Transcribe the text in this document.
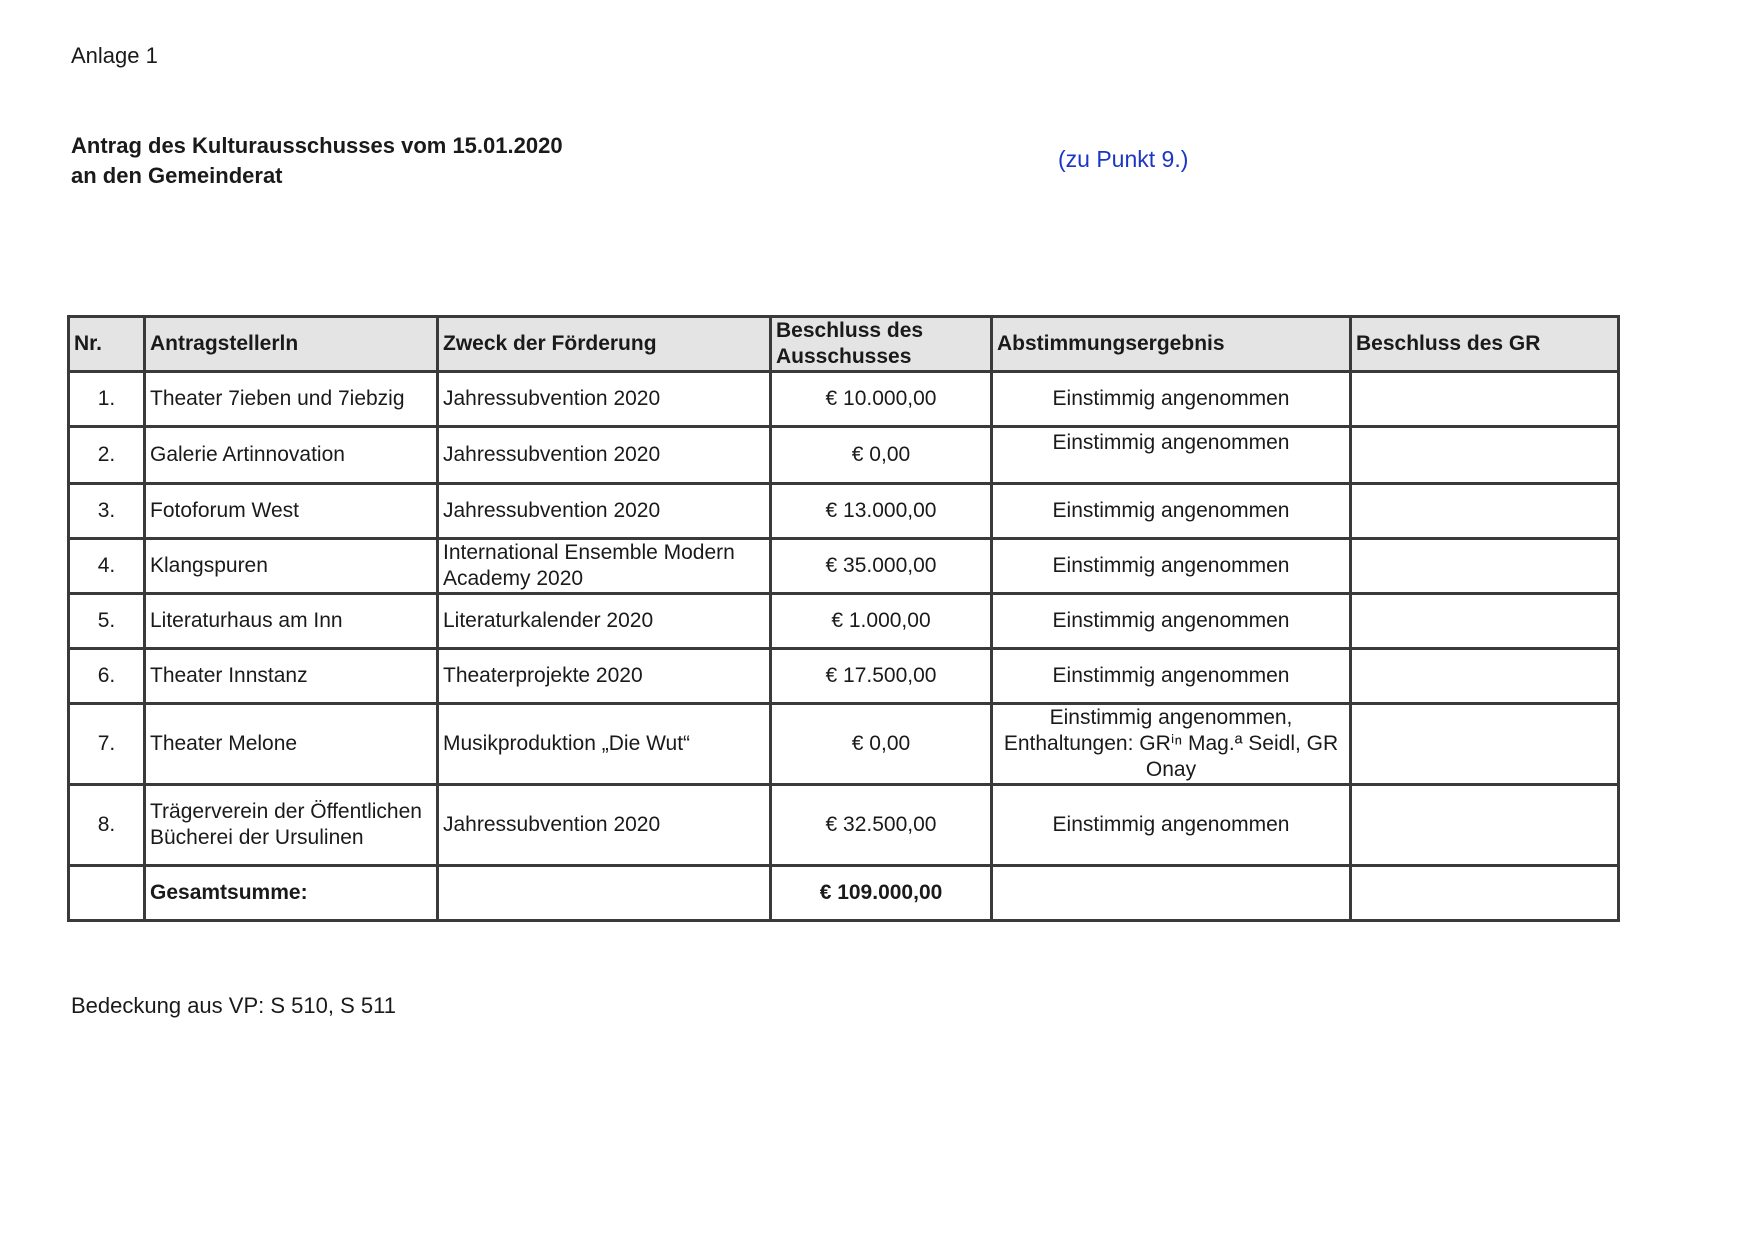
Anlage 1
Antrag des Kulturausschusses vom 15.01.2020
an den Gemeinderat
(zu Punkt 9.)
Nr.	Antragstellerln	Zweck der Förderung	Beschluss des Ausschusses	Abstimmungsergebnis	Beschluss des GR
1.	Theater 7ieben und 7iebzig	Jahressubvention 2020	€ 10.000,00	Einstimmig angenommen	
2.	Galerie Artinnovation	Jahressubvention 2020	€ 0,00	Einstimmig angenommen	
3.	Fotoforum West	Jahressubvention 2020	€ 13.000,00	Einstimmig angenommen	
4.	Klangspuren	International Ensemble Modern Academy 2020	€ 35.000,00	Einstimmig angenommen	
5.	Literaturhaus am Inn	Literaturkalender 2020	€ 1.000,00	Einstimmig angenommen	
6.	Theater Innstanz	Theaterprojekte 2020	€ 17.500,00	Einstimmig angenommen	
7.	Theater Melone	Musikproduktion „Die Wut“	€ 0,00	Einstimmig angenommen, Enthaltungen: GRⁱⁿ Mag.ª Seidl, GR Onay	
8.	Trägerverein der Öffentlichen Bücherei der Ursulinen	Jahressubvention 2020	€ 32.500,00	Einstimmig angenommen	
	Gesamtsumme:		€ 109.000,00		
Bedeckung aus VP: S 510, S 511
